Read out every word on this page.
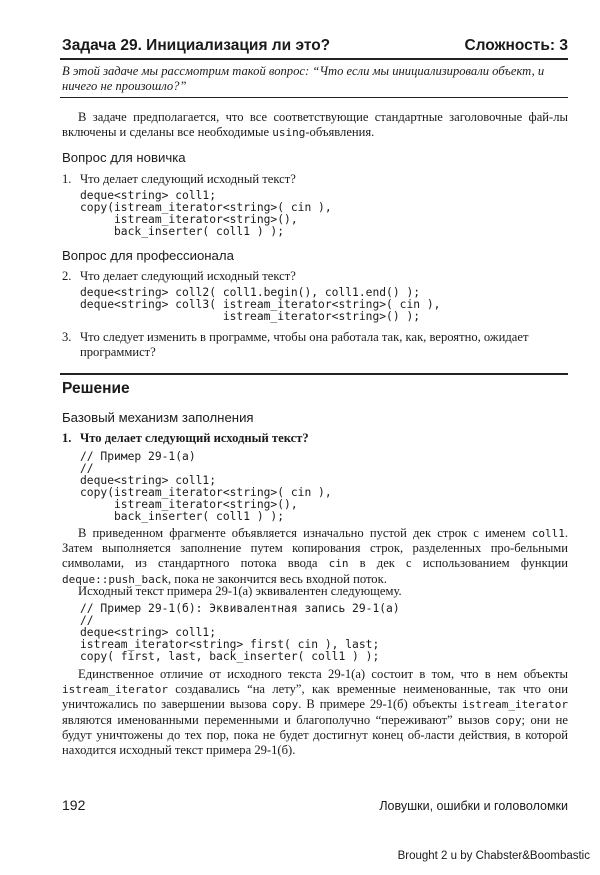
Задача 29. Инициализация ли это?	Сложность: 3
В этой задаче мы рассмотрим такой вопрос: “Что если мы инициализировали объект, и ничего не произошло?”
В задаче предполагается, что все соответствующие стандартные заголовочные фай-лы включены и сделаны все необходимые using-объявления.
Вопрос для новичка
1. Что делает следующий исходный текст?
deque<string> coll1;
copy(istream_iterator<string>( cin ),
istream_iterator<string>(),
back_inserter( coll1 ) );
Вопрос для профессионала
2. Что делает следующий исходный текст?
deque<string> coll2( coll1.begin(), coll1.end() );
deque<string> coll3( istream_iterator<string>( cin ),
istream_iterator<string>() );
3. Что следует изменить в программе, чтобы она работала так, как, вероятно, ожидает программист?
Решение
Базовый механизм заполнения
1. Что делает следующий исходный текст?
// Пример 29-1(a)
//
deque<string> coll1;
copy(istream_iterator<string>( cin ),
istream_iterator<string>(),
back_inserter( coll1 ) );
В приведенном фрагменте объявляется изначально пустой дек строк с именем coll1. Затем выполняется заполнение путем копирования строк, разделенных про-бельными символами, из стандартного потока ввода cin в дек с использованием функции deque::push_back, пока не закончится весь входной поток.
Исходный текст примера 29-1(a) эквивалентен следующему.
// Пример 29-1(б): Эквивалентная запись 29-1(a)
//
deque<string> coll1;
istream_iterator<string> first( cin ), last;
copy( first, last, back_inserter( coll1 ) );
Единственное отличие от исходного текста 29-1(a) состоит в том, что в нем объекты istream_iterator создавались “на лету”, как временные неименованные, так что они уничтожались по завершении вызова copy. В примере 29-1(б) объекты istream_iterator являются именованными переменными и благополучно “переживают” вызов copy; они не будут уничтожены до тех пор, пока не будет достигнут конец об-ласти действия, в которой находится исходный текст примера 29-1(б).
192	Ловушки, ошибки и головоломки
Brought 2 u by Chabster&Boombastic
